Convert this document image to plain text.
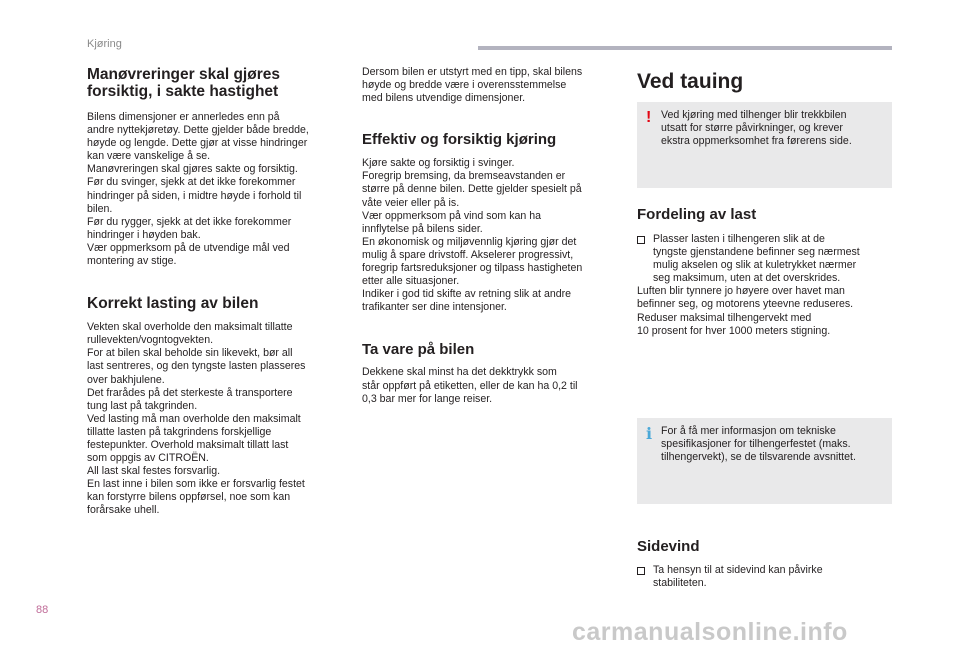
Kjøring
Manøvreringer skal gjøres forsiktig, i sakte hastighet

Bilens dimensjoner er annerledes enn på
andre nyttekjøretøy. Dette gjelder både bredde,
høyde og lengde. Dette gjør at visse hindringer
kan være vanskelige å se.
Manøvreringen skal gjøres sakte og forsiktig.
Før du svinger, sjekk at det ikke forekommer
hindringer på siden, i midtre høyde i forhold til
bilen.
Før du rygger, sjekk at det ikke forekommer
hindringer i høyden bak.
Vær oppmerksom på de utvendige mål ved
montering av stige.

Korrekt lasting av bilen

Vekten skal overholde den maksimalt tillatte
rullevekten/vogntogvekten.
For at bilen skal beholde sin likevekt, bør all
last sentreres, og den tyngste lasten plasseres
over bakhjulene.
Det frarådes på det sterkeste å transportere
tung last på takgrinden.
Ved lasting må man overholde den maksimalt
tillatte lasten på takgrindens forskjellige
festepunkter. Overhold maksimalt tillatt last
som oppgis av CITROËN.
All last skal festes forsvarlig.
En last inne i bilen som ikke er forsvarlig festet
kan forstyrre bilens oppførsel, noe som kan
forårsake uhell.

Dersom bilen er utstyrt med en tipp, skal bilens
høyde og bredde være i overensstemmelse
med bilens utvendige dimensjoner.

Effektiv og forsiktig kjøring

Kjøre sakte og forsiktig i svinger.
Foregrip bremsing, da bremseavstanden er
større på denne bilen. Dette gjelder spesielt på
våte veier eller på is.
Vær oppmerksom på vind som kan ha
innflytelse på bilens sider.
En økonomisk og miljøvennlig kjøring gjør det
mulig å spare drivstoff. Akselerer progressivt,
foregrip fartsreduksjoner og tilpass hastigheten
etter alle situasjoner.
Indiker i god tid skifte av retning slik at andre
trafikanter ser dine intensjoner.

Ta vare på bilen

Dekkene skal minst ha det dekktrykk som
står oppført på etiketten, eller de kan ha 0,2 til
0,3 bar mer for lange reiser.

Ved tauing
! Ved kjøring med tilhenger blir trekkbilen
utsatt for større påvirkninger, og krever
ekstra oppmerksomhet fra førerens side.

Fordeling av last

Plasser lasten i tilhengeren slik at de
tyngste gjenstandene befinner seg nærmest
mulig akselen og slik at kuletrykket nærmer
seg maksimum, uten at det overskrides.

Luften blir tynnere jo høyere over havet man
befinner seg, og motorens yteevne reduseres.
Reduser maksimal tilhengervekt med
10 prosent for hver 1000 meters stigning.

i For å få mer informasjon om tekniske
spesifikasjoner for tilhengerfestet (maks.
tilhengervekt), se de tilsvarende avsnittet.

Sidevind

Ta hensyn til at sidevind kan påvirke
stabiliteten.

88
carmanualsonline.info
